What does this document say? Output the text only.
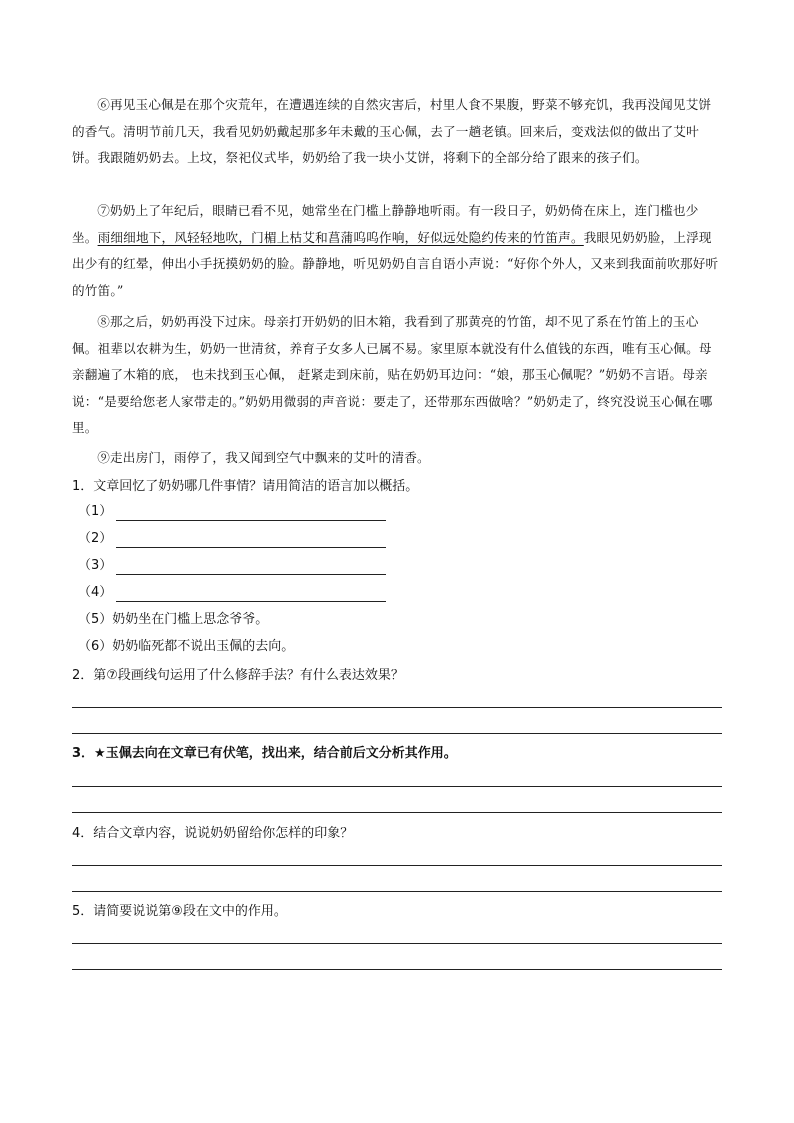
⑥再见玉心佩是在那个灾荒年，在遭遇连续的自然灾害后，村里人食不果腹，野菜不够充饥，我再没闻见艾饼的香气。清明节前几天，我看见奶奶戴起那多年未戴的玉心佩，去了一趟老镇。回来后，变戏法似的做出了艾叶饼。我跟随奶奶去。上坟，祭祀仪式毕，奶奶给了我一块小艾饼，将剩下的全部分给了跟来的孩子们。

⑦奶奶上了年纪后，眼睛已看不见，她常坐在门槛上静静地听雨。有一段日子，奶奶倚在床上，连门槛也少坐。雨细细地下，风轻轻地吹，门楣上枯艾和菖蒲呜呜作响，好似远处隐约传来的竹笛声。我眼见奶奶脸，上浮现出少有的红晕，伸出小手抚摸奶奶的脸。静静地，听见奶奶自言自语小声说：“好你个外人，又来到我面前吹那好听的竹笛。”

⑧那之后，奶奶再没下过床。母亲打开奶奶的旧木箱，我看到了那黄亮的竹笛，却不见了系在竹笛上的玉心佩。祖辈以农耕为生，奶奶一世清贫，养育子女多人已属不易。家里原本就没有什么值钱的东西，唯有玉心佩。母亲翻遍了木箱的底， 也未找到玉心佩， 赶紧走到床前，贴在奶奶耳边问：“娘，那玉心佩呢？”奶奶不言语。母亲说：“是要给您老人家带走的。”奶奶用微弱的声音说：要走了，还带那东西做啥？”奶奶走了，终究没说玉心佩在哪里。

⑨走出房门，雨停了，我又闻到空气中飘来的艾叶的清香。

1．文章回忆了奶奶哪几件事情？请用简洁的语言加以概括。

（1）
（2）
（3）
（4）
（5）奶奶坐在门槛上思念爷爷。
（6）奶奶临死都不说出玉佩的去向。

2．第⑦段画线句运用了什么修辞手法？有什么表达效果？

3．★玉佩去向在文章已有伏笔，找出来，结合前后文分析其作用。

4．结合文章内容，说说奶奶留给你怎样的印象？

5．请简要说说第⑨段在文中的作用。
